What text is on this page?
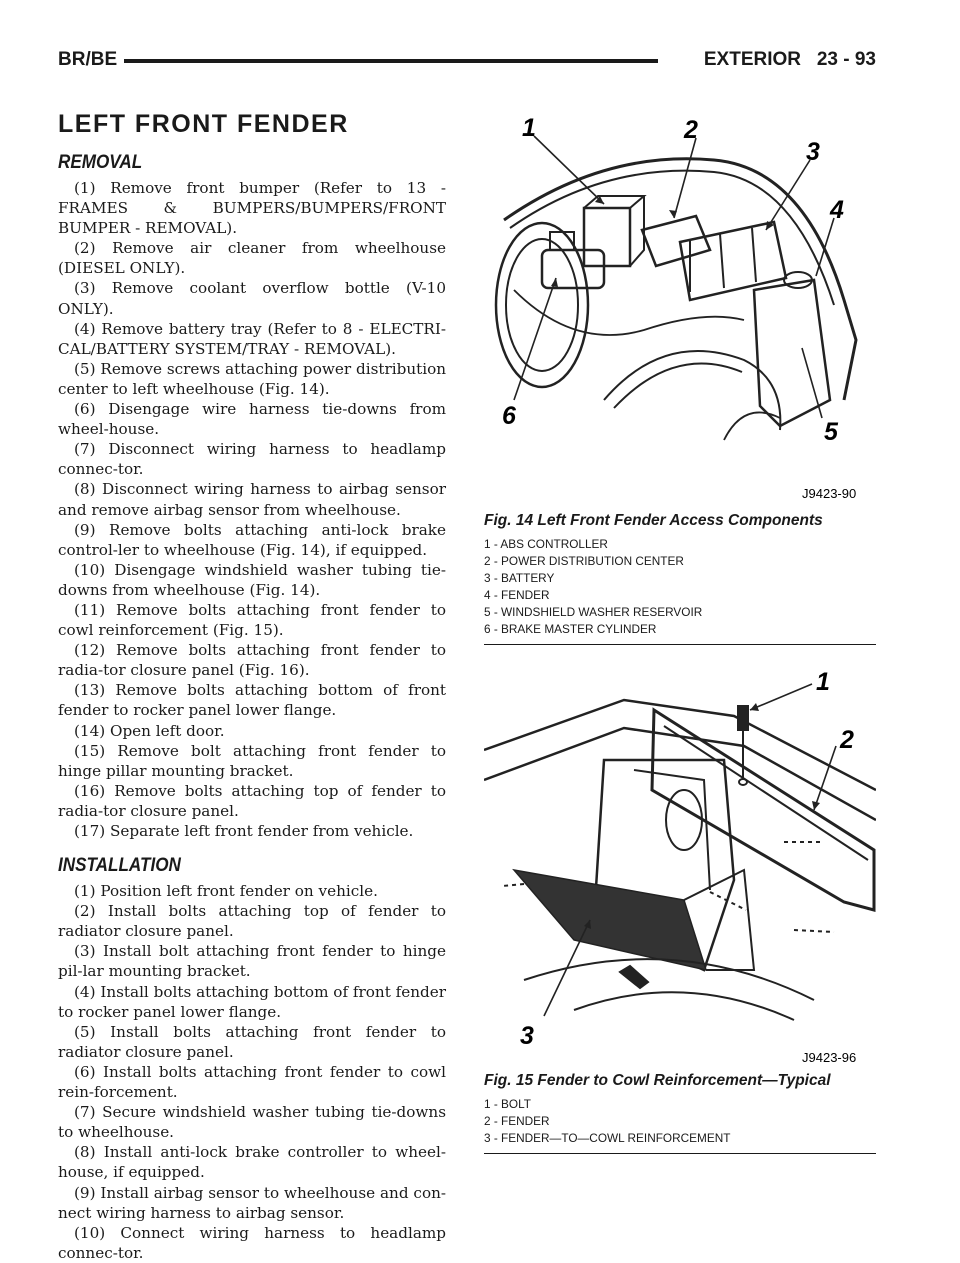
BR/BE	EXTERIOR 23 - 93
LEFT FRONT FENDER
REMOVAL

(1) Remove front bumper (Refer to 13 - FRAMES & BUMPERS/BUMPERS/FRONT BUMPER - REMOVAL).

(2) Remove air cleaner from wheelhouse (DIESEL ONLY).

(3) Remove coolant overflow bottle (V-10 ONLY).

(4) Remove battery tray (Refer to 8 - ELECTRI-CAL/BATTERY SYSTEM/TRAY - REMOVAL).

(5) Remove screws attaching power distribution center to left wheelhouse (Fig. 14).

(6) Disengage wire harness tie-downs from wheel-house.

(7) Disconnect wiring harness to headlamp connec-tor.

(8) Disconnect wiring harness to airbag sensor and remove airbag sensor from wheelhouse.

(9) Remove bolts attaching anti-lock brake control-ler to wheelhouse (Fig. 14), if equipped.

(10) Disengage windshield washer tubing tie-downs from wheelhouse (Fig. 14).

(11) Remove bolts attaching front fender to cowl reinforcement (Fig. 15).

(12) Remove bolts attaching front fender to radia-tor closure panel (Fig. 16).

(13) Remove bolts attaching bottom of front fender to rocker panel lower flange.

(14) Open left door.

(15) Remove bolt attaching front fender to hinge pillar mounting bracket.

(16) Remove bolts attaching top of fender to radia-tor closure panel.

(17) Separate left front fender from vehicle.

INSTALLATION

(1) Position left front fender on vehicle.

(2) Install bolts attaching top of fender to radiator closure panel.

(3) Install bolt attaching front fender to hinge pil-lar mounting bracket.

(4) Install bolts attaching bottom of front fender to rocker panel lower flange.

(5) Install bolts attaching front fender to radiator closure panel.

(6) Install bolts attaching front fender to cowl rein-forcement.

(7) Secure windshield washer tubing tie-downs to wheelhouse.

(8) Install anti-lock brake controller to wheel-house, if equipped.

(9) Install airbag sensor to wheelhouse and con-nect wiring harness to airbag sensor.

(10) Connect wiring harness to headlamp connec-tor.

1	2
3
4
5
6
J9423-90
Fig. 14 Left Front Fender Access Components
1 - ABS CONTROLLER
2 - POWER DISTRIBUTION CENTER
3 - BATTERY
4 - FENDER
5 - WINDSHIELD WASHER RESERVOIR
6 - BRAKE MASTER CYLINDER
1
2
3
J9423-96
Fig. 15 Fender to Cowl Reinforcement—Typical
1 - BOLT
2 - FENDER
3 - FENDER—TO—COWL REINFORCEMENT
